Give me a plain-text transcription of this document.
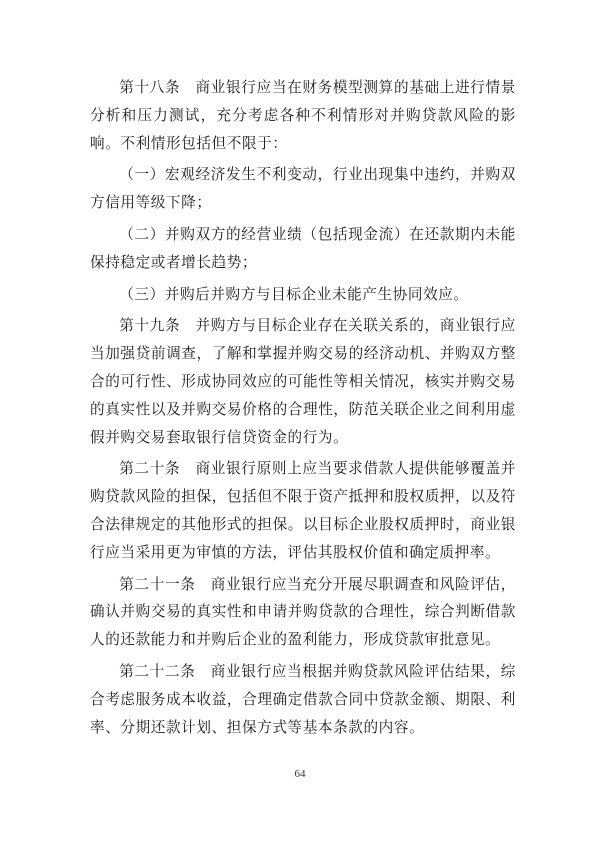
第十八条　商业银行应当在财务模型测算的基础上进行情景分析和压力测试，充分考虑各种不利情形对并购贷款风险的影响。不利情形包括但不限于：

（一）宏观经济发生不利变动，行业出现集中违约，并购双方信用等级下降；

（二）并购双方的经营业绩（包括现金流）在还款期内未能保持稳定或者增长趋势；

（三）并购后并购方与目标企业未能产生协同效应。

第十九条　并购方与目标企业存在关联关系的，商业银行应当加强贷前调查，了解和掌握并购交易的经济动机、并购双方整合的可行性、形成协同效应的可能性等相关情况，核实并购交易的真实性以及并购交易价格的合理性，防范关联企业之间利用虚假并购交易套取银行信贷资金的行为。

第二十条　商业银行原则上应当要求借款人提供能够覆盖并购贷款风险的担保，包括但不限于资产抵押和股权质押，以及符合法律规定的其他形式的担保。以目标企业股权质押时，商业银行应当采用更为审慎的方法，评估其股权价值和确定质押率。

第二十一条　商业银行应当充分开展尽职调查和风险评估，确认并购交易的真实性和申请并购贷款的合理性，综合判断借款人的还款能力和并购后企业的盈利能力，形成贷款审批意见。

第二十二条　商业银行应当根据并购贷款风险评估结果，综合考虑服务成本收益，合理确定借款合同中贷款金额、期限、利率、分期还款计划、担保方式等基本条款的内容。

64
